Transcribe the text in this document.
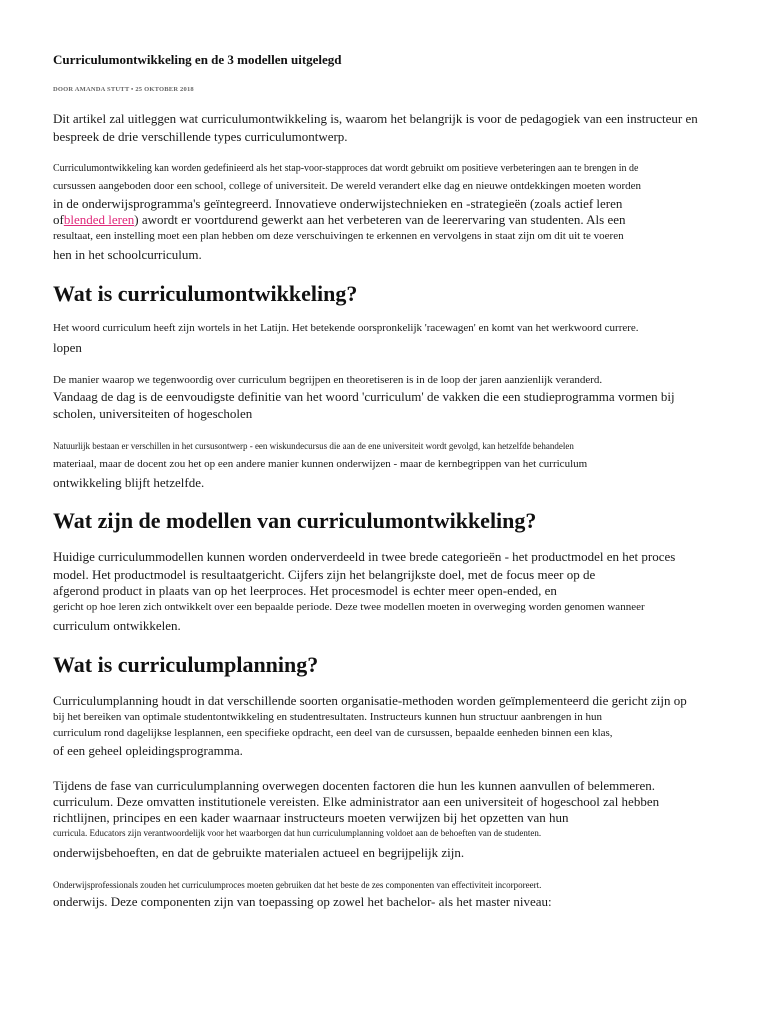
Curriculumontwikkeling en de 3 modellen uitgelegd
DOOR AMANDA STUTT • 25 OKTOBER 2018

Dit artikel zal uitleggen wat curriculumontwikkeling is, waarom het belangrijk is voor de pedagogiek van een instructeur en

bespreek de drie verschillende types curriculumontwerp.

Curriculumontwikkeling kan worden gedefinieerd als het stap-voor-stapproces dat wordt gebruikt om positieve verbeteringen aan te brengen in de

cursussen aangeboden door een school, college of universiteit. De wereld verandert elke dag en nieuwe ontdekkingen moeten worden

in de onderwijsprogramma's geïntegreerd. Innovatieve onderwijstechnieken en -strategieën (zoals actief leren

ofblended leren) awordt er voortdurend gewerkt aan het verbeteren van de leerervaring van studenten. Als een

resultaat, een instelling moet een plan hebben om deze verschuivingen te erkennen en vervolgens in staat zijn om dit uit te voeren

hen in het schoolcurriculum.

Wat is curriculumontwikkeling?

Het woord curriculum heeft zijn wortels in het Latijn. Het betekende oorspronkelijk 'racewagen' en komt van het werkwoord currere.

lopen

De manier waarop we tegenwoordig over curriculum begrijpen en theoretiseren is in de loop der jaren aanzienlijk veranderd.

Vandaag de dag is de eenvoudigste definitie van het woord 'curriculum' de vakken die een studieprogramma vormen bij

scholen, universiteiten of hogescholen

Natuurlijk bestaan er verschillen in het cursusontwerp - een wiskundecursus die aan de ene universiteit wordt gevolgd, kan hetzelfde behandelen

materiaal, maar de docent zou het op een andere manier kunnen onderwijzen - maar de kernbegrippen van het curriculum

ontwikkeling blijft hetzelfde.

Wat zijn de modellen van curriculumontwikkeling?

Huidige curriculummodellen kunnen worden onderverdeeld in twee brede categorieën - het productmodel en het proces

model. Het productmodel is resultaatgericht. Cijfers zijn het belangrijkste doel, met de focus meer op de

afgerond product in plaats van op het leerproces. Het procesmodel is echter meer open-ended, en

gericht op hoe leren zich ontwikkelt over een bepaalde periode. Deze twee modellen moeten in overweging worden genomen wanneer

curriculum ontwikkelen.

Wat is curriculumplanning?

Curriculumplanning houdt in dat verschillende soorten organisatie-methoden worden geïmplementeerd die gericht zijn op

bij het bereiken van optimale studentontwikkeling en studentresultaten. Instructeurs kunnen hun structuur aanbrengen in hun

curriculum rond dagelijkse lesplannen, een specifieke opdracht, een deel van de cursussen, bepaalde eenheden binnen een klas,

of een geheel opleidingsprogramma.

Tijdens de fase van curriculumplanning overwegen docenten factoren die hun les kunnen aanvullen of belemmeren.

curriculum. Deze omvatten institutionele vereisten. Elke administrator aan een universiteit of hogeschool zal hebben

richtlijnen, principes en een kader waarnaar instructeurs moeten verwijzen bij het opzetten van hun

curricula. Educators zijn verantwoordelijk voor het waarborgen dat hun curriculumplanning voldoet aan de behoeften van de studenten.

onderwijsbehoeften, en dat de gebruikte materialen actueel en begrijpelijk zijn.

Onderwijsprofessionals zouden het curriculumproces moeten gebruiken dat het beste de zes componenten van effectiviteit incorporeert.

onderwijs. Deze componenten zijn van toepassing op zowel het bachelor- als het master niveau:
